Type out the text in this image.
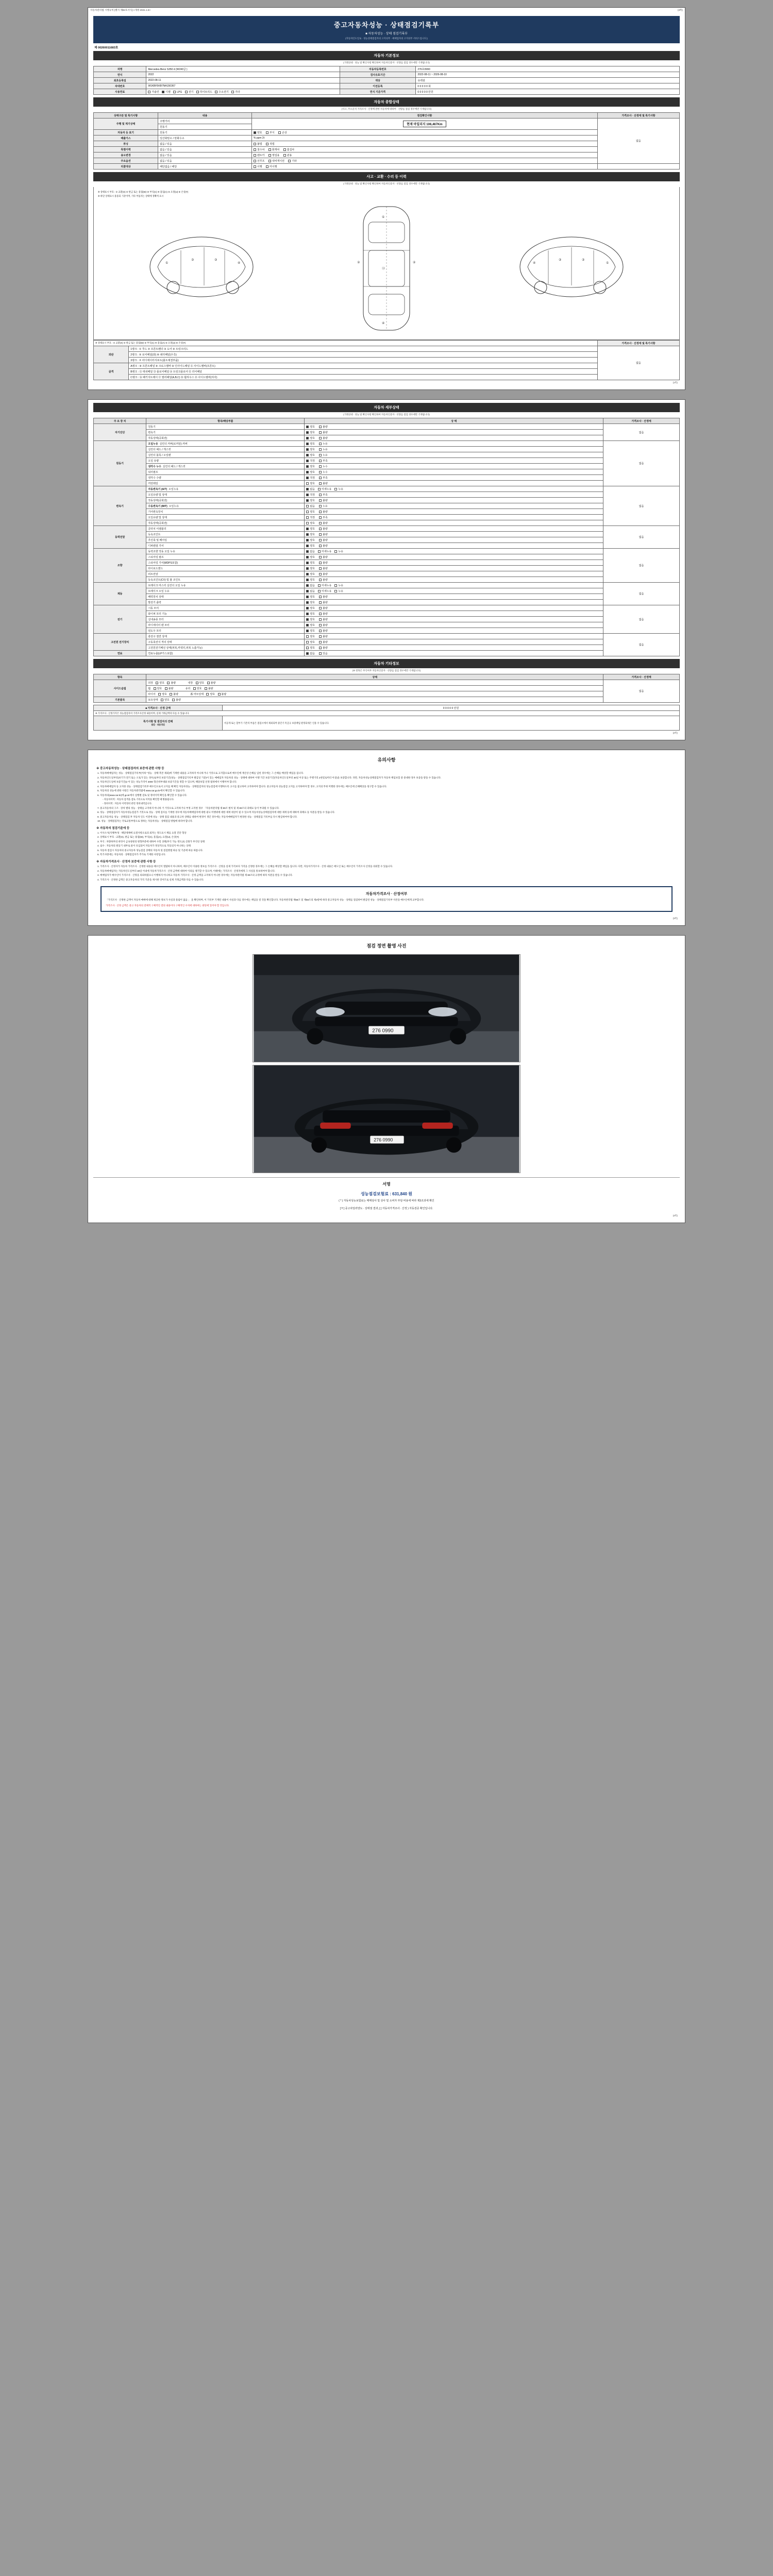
자동차관리법 시행규칙 [별지 제82호서식] <개정 2021.1.5>	(3쪽)
중고자동차성능 · 상태점검기록부
■ 자동차성능 · 상태 점검기록부
(자동차인도일로 · 성능상태점검자의 고지의무 · 매매업자의 고지의무 서비스입니다.)
제 00260011683호
자동차 기본정보
(거래상대 · 성능 및 확인사항 확인하여 자동차인증자 · 선량를 점검 경우에만 기재됩니다)
차명	Mercedes-Benz S350 d (W240급 )	자동차등록번호	276호0990
연식	2022	검사유효기간	2022-08-11 ~ 2026-08-10
최초등록일	2022-08-11	색상	유백광
차대번호	W1KBF5KB7NA150367	이전등록	0 0 0 0 0 회
사용연료	가솔린 디젤 LPG 전기 하이브리드 수소전기 기타	연식 기준가격	0 0 0 0 0 만원
자동차 종합상태
(사고, 주요골격 가격조사 · 산정에 관한 자동차에 대하여 · 선량를 점검 경우에만 기재됩니다)
상태구분 및 특기사항	내용	점검확인사항	가격조사 · 산정에 빛 특기사항
주행 및 계기상태	주행거리	현재 마일리지 106,467Km	없음
	원동기		
자동차 등 표기	원동기	양호 부식 손상	
배출가스	일산화탄소 / 탄화수소	% ppm 2t	
튜닝	없음 / 있음	불법 적법	
특별이력	없음 / 있음	침수차 화재차 흠집차	
용도변경	없음 / 있음	렌트카 영업용 관용	
주요옵션	없음 / 있음	선루프 내비게이션 기타	
리콜대상	해당없음 / 해당	이행 미이행	
사고 · 교환 · 수리 등 이력
(거래상대 · 성능 및 확인사항 확인하여 자동차인증자 · 선량를 점검 경우에만 기재됩니다)
※ 상태표시 부호 : ① 교환(X) ② 판금 또는 용접(W) ③ 부식(C) ④ 흠집(A) ⑤ 요철(U) ⑥ 손상(T)
※ 하단 상태표시 용용되 기준이며, 기타 부품자는 상태에 정확히 표시
①
③	③
④
①
⑬
④
②	②	④
③	③
①
※ 상태표시 부호 : ① 교환(X) ② 판금 또는 용접(W) ③ 부식(C) ④ 흠집(A) ⑤ 요철(U) ⑥ 손상(T)		가격조사 · 산정에 빛 특기사항
외판	1랭크 : ① 후드 ② 프론트휀더 ③ 도어 ④ 트렁크리드	없음
	2랭크 : ⑤ 로어패널(좌) ⑥ 쿼터패널(우측)	
	3랭크 : ⑦ 라디에이터서포트(볼트체결부품)	
골격	A랭크 : ⑧ 프론트패널 ⑨ 크로스멤버 ⑩ 인사이드패널 ⑪ 사이드멤버(프론트)	
	B랭크 : ⑫ 대쉬패널 ⑬ 플로어패널 ⑭ 트렁크플로어 ⑮ 리어패널	
	C랭크 : ⑯ 패키지트레이 ⑰ 필러패널(A,B,C) ⑱ 휠하우스 ⑲ 사이드멤버(리어)	
(1쪽)
자동차 세부상태
(거래상대 · 성능 및 확인사항 확인하여 자동차인증자 · 선량를 점검 경우에만 기재됩니다)
주 요 장 치	항목/해당부품	상 태	가격조사 · 산정에
자기진단	원동기	양호 불량	없음
	변속기	양호 불량	
	작동상태(공회전)	양호 불량	
원동기	오일누유 실린더 커버(로커암) 커버	양호 누유	없음
	실린더 헤드 / 개스킷	양호 누유	
	실린더 블록 / 오일팬	양호 누유	
	오일 유량	적정 부족	
	냉각수 누수 실린더 헤드 / 개스킷	양호 누수	
	워터펌프	양호 누수	
	냉각수 수량	적정 부족	
	커먼레일	양호 불량	
변속기	자동변속기 (A/T) 오일누유	없음 미세누유 누유	없음
	오일유량 및 상태	적정 부족	
	작동상태(공회전)	양호 불량	
	수동변속기 (M/T) 오일누유	없음 누유	
	기어변속장치	양호 불량	
	오일유량 및 상태	적정 부족	
	작동상태(공회전)	양호 불량	
동력전달	클러치 어셈블리	양호 불량	없음
	등속조인트	양호 불량	
	추진축 및 베어링	양호 불량	
	디퍼렌셜 기어	양호 불량	
조향	동력조향 작동 오일 누유	없음 미세누유 누유	없음
	스티어링 펌프	양호 불량	
	스티어링 기어(MDPS포함)	양호 불량	
	타이로드엔드	양호 불량	
	피트먼암	양호 불량	
	등속조인트(CV) 및 볼 조인트	양호 불량	
제동	브레이크 마스터 실린더 오일 누유	없음 미세누유 누유	없음
	브레이크 오일 누유	없음 미세누유 누유	
	배력장치 상태	양호 불량	
	발전기 출력	양호 불량	
전기	시동 모터	양호 불량	없음
	와이퍼 모터 기능	양호 불량	
	실내송풍 모터	양호 불량	
	라디에이터 팬 모터	양호 불량	
	윈도우 모터	양호 불량	
고전원 전기장치	충전구 절연 상태	양호 불량	없음
	구동축전지 격리 상태	양호 불량	
	고전원전기배선 상태(피복,커넥터,피복 노출가능)	양호 불량	
연료	연료누출(LP가스포함)	없음 있음	
자동차 기타정보
(※ 항목은 부식여부 자동차인증자 · 선량를 점검 경우에만 기재됩니다)
항목	상태	가격조사 · 산정액
사이드슬립	외장 양호 불량 내장 양호 불량	없음
	휠 양호 불량 유리 양호 불량	
	타이어 양호 불량 番 마모상태 양호 불량	
기본품목	보유상태 양호 불량	
■ 가격조사 · 산정 금액	0 0 0 0 0 만원
※ 가격조사 · 산정가격은 성능점검자의 가격조사산정 내용이며, 실제 거래금액과 다를 수 있습니다.	

특기사항 및 점검자의 견해
점검 · 내용정검	비공개 또는 할부가 기존의 부품은 점검시에서 제외되며 중간기 특급규 보증책임 판정되세은 인용 수 있습니다.
(2쪽)
유의사항
※ 중고자동차성능 · 상태점검자의 보증에 관한 사항 등
1. 자동차매매업자는 성능 · 상태점검기록부(이하 "성능 · 상태 복본 제외)에 기재한 내용을 고지하지 아니하거나 거짓으로 고지함으로써 매수인에 재산상 손해를 입힌 경우에는 그 손해를 배상할 책임을 집니다.
2. 자동차인도일부터(보기가 전기 또는 오토가 있는 경우)로부터 보증기간(성능 · 상태점검기록부 발급일 기준)이 있는 매매업자 자동차의 성능 · 상태에 대하여 이행 기간 보증기간(자동차인도일부터 30일 이상 또는 주행거리 2천킬로미터 이상)을 보증합니다. 다만, 자동차성능상태점검자가 자동차 책임보험 중 중대한 경우 보증을 받을 수 있습니다.
3. 자동차인도일에 보증기간(2 이 있는 성능가격이 3000 형산위부대와 보증기간을 정할 수 있으며, 해당보험 선정 범위에서 이행이야 합니다.
4. 자동차매매업자 등 고지한 성능 · 상태점검기록부 매수인으로서 고지를 해 확인 자동차성능 · 상태점검자의 성능점검에 이행하도록 고시를 참고하여 고지하여야 합니다. 중고자동차 성능점검 고지를 고지하여야 할 경우, 고지의 무취 미행한 경우에는 매수인에 손해배상을 청구할 수 있습니다.
5. 자동차의 성능에 관한 사항은 자동차관리법에 www.car.go.kr에서 확인할 수 있습니다.
6. 자동차의(www.car.kr)에 go.kr에서 실행별 검토 및 정비이력 확인을 확인할 수 있습니다.
- 자동차이력 : 자동차 검색을 검토 기록으로 이력을 확인할 때 활용됩니다.
- 정비이력 : 자동차 이력정비 관련 정비내역입니다.
7. 중고자동차의 구조 · 장치 별의 성능 · 상태를 고지하지 아니하 거 거짓으로 고지하거나 부정 고지한 경우 「자동차관리법 제 80조 벌칙 및 제 80조의 과태료 등이 부과될 수 있습니다.
8. 성능 · 상태점검자가 자동차성능점검가 거짓으로 성능 · 상태 검사를 기재한 경우에 자동차매매업자에 대한 광고 미행위에 대한 제재 대상이 될 수 있으며 자동차성능상태점검자에 대한 제재 등에 대하여 과태료 등 처분을 받을 수 있습니다.
9. 중고자동차를 성능 · 상태점검 후 자동차 인도 이전에 성능 · 상태 점검 내용과 중고차 상태를 대하여 변경이 생긴 경우에는 자동차매매업자가 변경한 성능 · 상태점검 기록부를 다시 발급하여야 합니다.
10. 성능 · 상태점검자는 국토교통부령으로 정하는 자동차성능 · 상태점검 방법에 따라야 합니다.
※ 자동차의 점검기준에 등
1. 이사소사(지체부/성 · 해당제체에 요철사항으로의 외자는 정도표시 체를 요철 진단 형상
2. 상태표시 부호 : 교환(X), 판금 또는 용접(W), 부식(C), 흠집(A), 요철(U), 손상(T)
3. 부식 : 차량하부의 바닥이 금속성판의 원형부분에 대하여 수밀 상태(부식 가능 정도)로 산화가 부식된 상태
4. 침수 : 자동차의 원동기 내부로 물이 유입되어 자동차가 정상적으로 작동되지 아니하는 상태
5. 자동차 점검시 자동차의 중고자동차 성능점검 상태의 자동차 및 점검방법 따른 및 기준에 따른 따릅니다.
6. 특기사항에는 자동차의 · 상태점검자가 추가로 기재한 사항입니다.
※ 자동차가격조사 · 산정자 보증에 관한 사항 등
1. 가격조사 · 산정자가 자동차 가격조사 · 산정한 내용을 매수인이 열람하지 아니하여, 매수인이 이용한 정보를 가격조사 · 산정을 실제 가격보다 가격을 산정한 경우에는 그 손해를 배상할 책임을 집니다. 다만, 자동차가격조사 · 산정 내용은 매도인 또는 매수인이 가격조사 산정을 의뢰할 수 있습니다.
2. 자동차매매업자는 자동차인도일부터 30일 이내에 자동차가격조사 · 산정 금액에 대하여 이의를 제기할 수 있으며, 이때에는 가격조사 · 산정자에게 그 사실을 통보하여야 합니다.
3. 매매업자가 매수인이 가격조사 · 산정을 의뢰하였으나 이행하지 아니하고 자동차 가격조사 · 산정 금액을 고지하지 아니한 경우에는 자동차관리법 제 80조의 규정에 따라 처분을 받을 수 있습니다.
4. 가격조사 · 산정한 금액은 중고자동차의 가격 기준을 제시한 것이므로 실제 거래금액과 다를 수 있습니다.
자동차가격조사 · 산정여부
「가격조사 · 산정한 금액이 자동차 매매에 대해 제공한 정보가 사실과 틀림이 없음 」 을 확인하며, 이 기록부 기재된 내용이 사실과 다를 경우에는 책임을 질 것을 확인합니다. 자동차관리법 제58조 및 제58조의 제4항에 따라 중고자동차 성능 · 상태를 점검하여 발급된 성능 · 상태점검기록부 사본을 매수인에게 교부합니다.
가격조사 · 산정 금액은 중고 자동차의 전체적 구체적인 결의 내용이다 구체적인 수치에 대하여는 판단에 있어야 할 것입니다.
(3쪽)
점검 정면 촬영 사진
276 0990
276 0990
서명
성능점검보험료 : 631,840 원
( * ) 자동차성능보험료는 매매상사 및 상사 및 소비자 부담 비용에 따라 제3조과세 확인
[ Y ] 중고차딜러양도 · 상태점 결과, [ ] 자동차가격조사 · 산정 ) 자동검증 확인입니다.
(4쪽)
